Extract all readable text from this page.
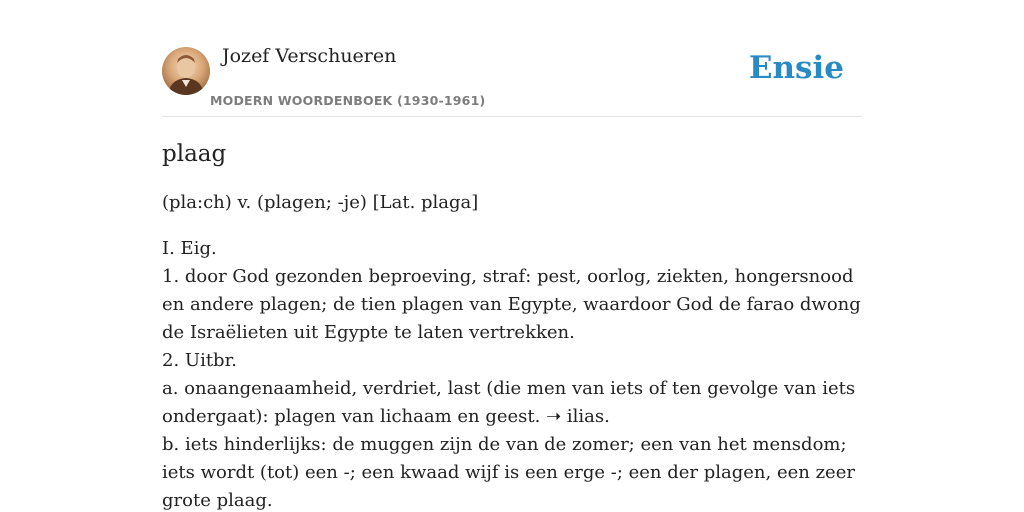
Jozef Verschueren
MODERN WOORDENBOEK (1930-1961)
Ensie
plaag

(pla:ch) v. (plagen; -je) [Lat. plaga]

I. Eig.
1. door God gezonden beproeving, straf: pest, oorlog, ziekten, hongersnood en andere plagen; de tien plagen van Egypte, waardoor God de farao dwong de Israëlieten uit Egypte te laten vertrekken.
2. Uitbr.
a. onaangenaamheid, verdriet, last (die men van iets of ten gevolge van iets ondergaat): plagen van lichaam en geest. ➝ ilias.
b. iets hinderlijks: de muggen zijn de van de zomer; een van het mensdom; iets wordt (tot) een -; een kwaad wijf is een erge -; een der plagen, een zeer grote plaag.
